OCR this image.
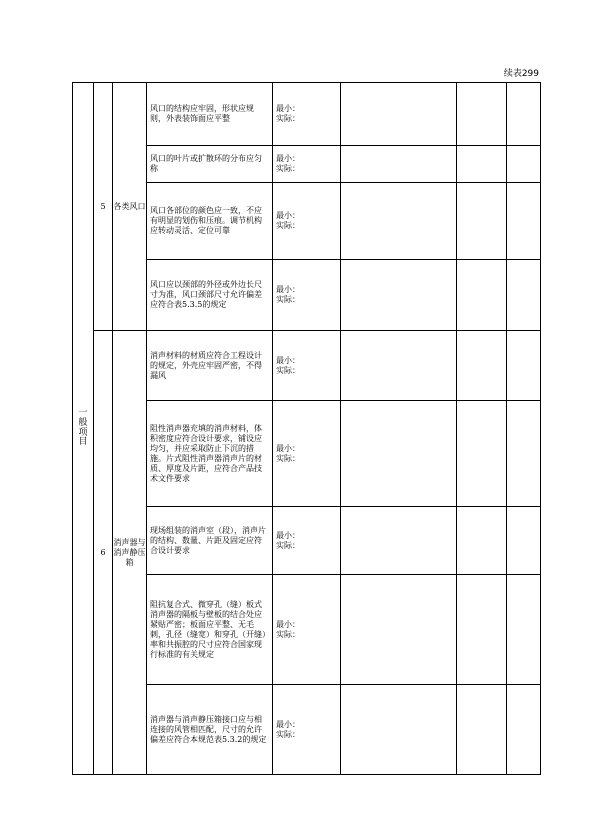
续表299
一般项目	5	各类风口	风口的结构应牢固，形状应规则，外表装饰面应平整	最小：
实际：			

			风口的叶片或扩散环的分布应匀称	最小：
实际：			

			风口各部位的颜色应一致，不应有明显的划伤和压痕。调节机构应转动灵活、定位可靠	最小：
实际：			

			风口应以颈部的外径或外边长尺寸为准，风口颈部尺寸允许偏差应符合表5.3.5的规定	最小：
实际：			

	6	消声器与消声静压箱	消声材料的材质应符合工程设计的规定，外壳应牢固严密，不得漏风	最小：
实际：			

			阻性消声器充填的消声材料，体积密度应符合设计要求，铺设应均匀，并应采取防止下沉的措施。片式阻性消声器消声片的材质、厚度及片距，应符合产品技术文件要求	最小：
实际：			

			现场组装的消声室（段），消声片的结构、数量、片距及固定应符合设计要求	最小：
实际：			

			阻抗复合式、微穿孔（缝）板式消声器的隔板与壁板的结合处应紧贴严密；板面应平整、无毛刺，孔径（缝宽）和穿孔（开缝）率和共振腔的尺寸应符合国家现行标准的有关规定	最小：
实际：			

			消声器与消声静压箱接口应与相连接的风管相匹配，尺寸的允许偏差应符合本规范表5.3.2的规定	最小：
实际：			
